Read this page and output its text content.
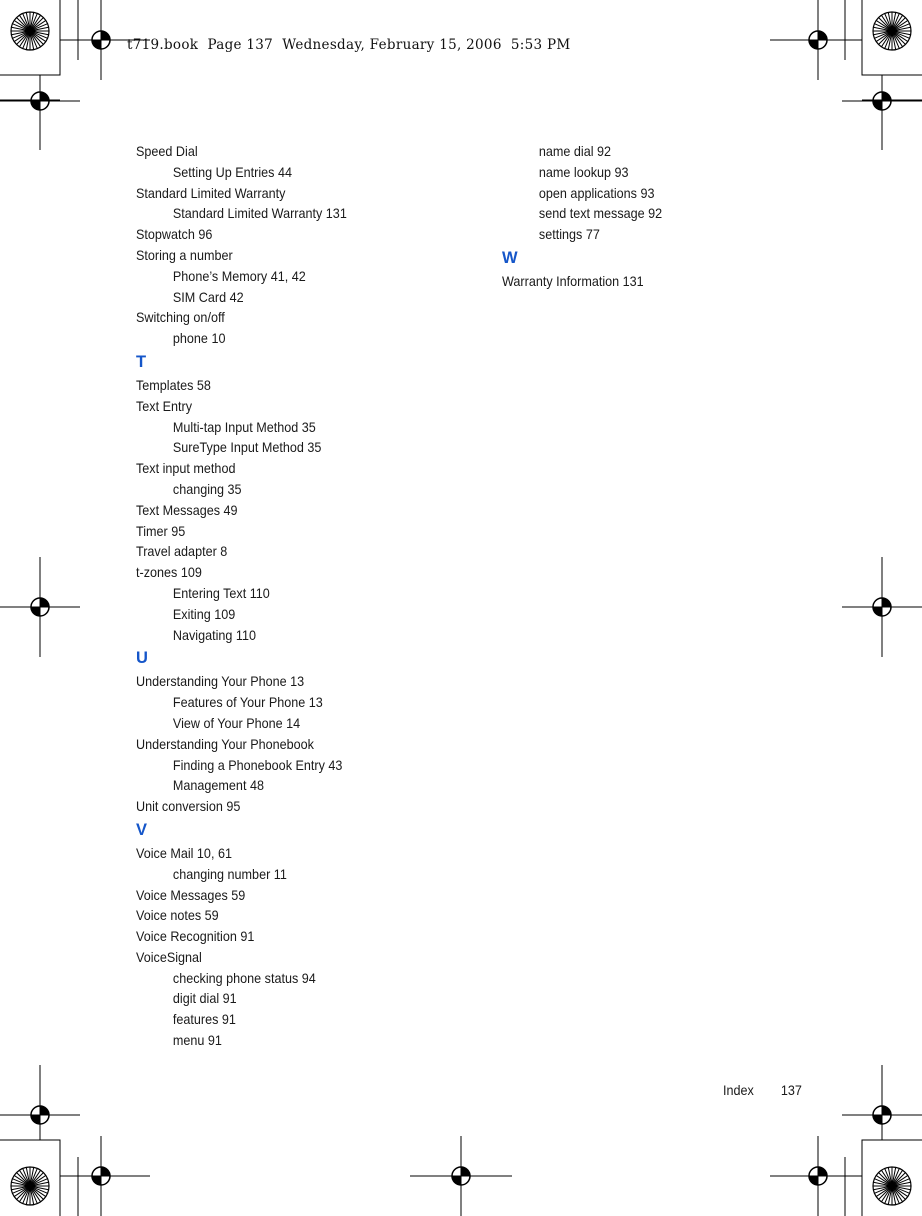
t719.book  Page 137  Wednesday, February 15, 2006  5:53 PM
Speed Dial
Setting Up Entries 44
Standard Limited Warranty
Standard Limited Warranty 131
Stopwatch 96
Storing a number
Phone’s Memory 41, 42
SIM Card 42
Switching on/off
phone 10
T
Templates 58
Text Entry
Multi-tap Input Method 35
SureType Input Method 35
Text input method
changing 35
Text Messages 49
Timer 95
Travel adapter 8
t-zones 109
Entering Text 110
Exiting 109
Navigating 110
U
Understanding Your Phone 13
Features of Your Phone 13
View of Your Phone 14
Understanding Your Phonebook
Finding a Phonebook Entry 43
Management 48
Unit conversion 95
V
Voice Mail 10, 61
changing number 11
Voice Messages 59
Voice notes 59
Voice Recognition 91
VoiceSignal
checking phone status 94
digit dial 91
features 91
menu 91
name dial 92
name lookup 93
open applications 93
send text message 92
settings 77
W
Warranty Information 131
Index 137
